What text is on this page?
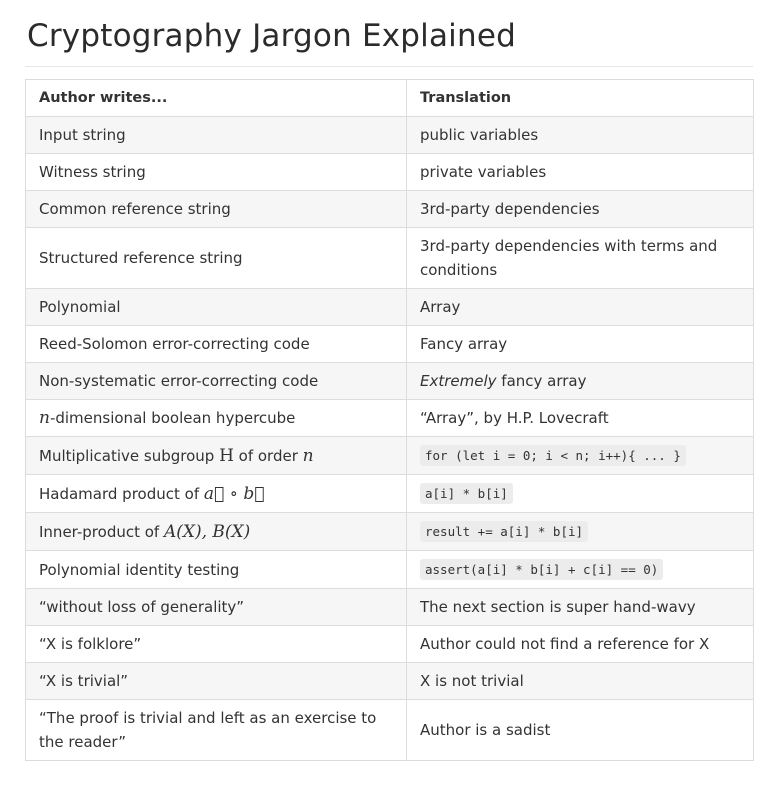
Cryptography Jargon Explained
Author writes...	Translation
Input string	public variables
Witness string	private variables
Common reference string	3rd-party dependencies
Structured reference string	3rd-party dependencies with terms and conditions
Polynomial	Array
Reed-Solomon error-correcting code	Fancy array
Non-systematic error-correcting code	Extremely fancy array
n-dimensional boolean hypercube	“Array”, by H.P. Lovecraft
Multiplicative subgroup H of order n	for (let i = 0; i < n; i++){ ... }
Hadamard product of a⃗ ∘ b⃗	a[i] * b[i]
Inner-product of A(X), B(X)	result += a[i] * b[i]
Polynomial identity testing	assert(a[i] * b[i] + c[i] == 0)
“without loss of generality”	The next section is super hand-wavy
“X is folklore”	Author could not find a reference for X
“X is trivial”	X is not trivial
“The proof is trivial and left as an exercise to the reader”	Author is a sadist
